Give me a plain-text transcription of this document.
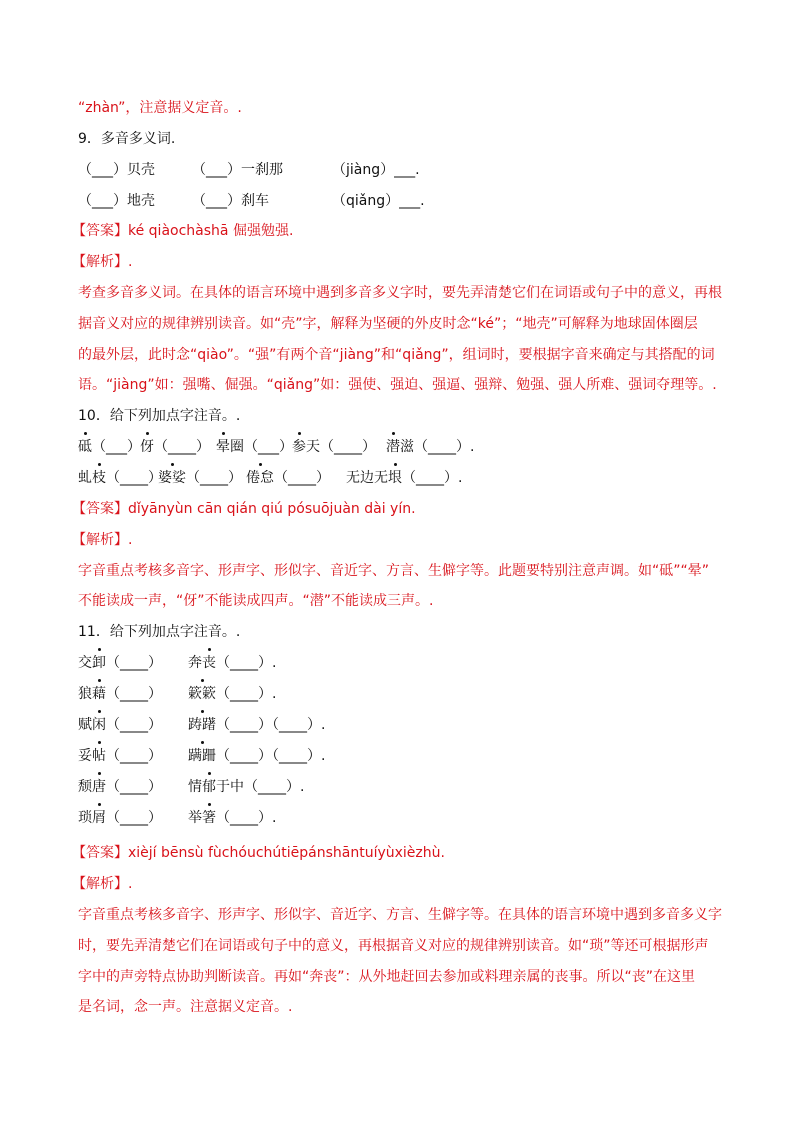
“zhàn”，注意据义定音。.
9．多音多义词.
（___）贝壳	（___）一刹那	（jiàng）___.
（___）地壳	（___）刹车	（qiǎng）___.
【答案】ké qiàochàshā 倔强勉强.
【解析】.
考查多音多义词。在具体的语言环境中遇到多音多义字时，要先弄清楚它们在词语或句子中的意义，再根
据音义对应的规律辨别读音。如“壳”字，解释为坚硬的外皮时念“ké”；“地壳”可解释为地球固体圈层
的最外层，此时念“qiào”。“强”有两个音“jiàng”和“qiǎng”，组词时，要根据字音来确定与其搭配的词
语。“jiàng”如：强嘴、倔强。“qiǎng”如：强使、强迫、强逼、强辩、勉强、强人所难、强词夺理等。.
10．给下列加点字注音。.
砥（___）伢（____） 晕圈（___）参天（____） 潜滋（____）.
虬枝（____）婆娑（____） 倦怠（____） 无边无垠（____）.
【答案】dǐyānyùn cān qián qiú pósuōjuàn dài yín.
【解析】.
字音重点考核多音字、形声字、形似字、音近字、方言、生僻字等。此题要特别注意声调。如“砥”“晕”
不能读成一声，“伢”不能读成四声。“潜”不能读成三声。.
11．给下列加点字注音。.
交卸（____） 奔丧（____）.
狼藉（____） 簌簌（____）.
赋闲（____） 踌躇（____）（____）.
妥帖（____） 蹒跚（____）（____）.
颓唐（____） 情郁于中（____）.
琐屑（____） 举箸（____）.
【答案】xièjí bēnsù fùchóuchútiēpánshāntuíyùxièzhù.
【解析】.
字音重点考核多音字、形声字、形似字、音近字、方言、生僻字等。在具体的语言环境中遇到多音多义字
时，要先弄清楚它们在词语或句子中的意义，再根据音义对应的规律辨别读音。如“琐”等还可根据形声
字中的声旁特点协助判断读音。再如“奔丧”：从外地赶回去参加或料理亲属的丧事。所以“丧”在这里
是名词，念一声。注意据义定音。.
